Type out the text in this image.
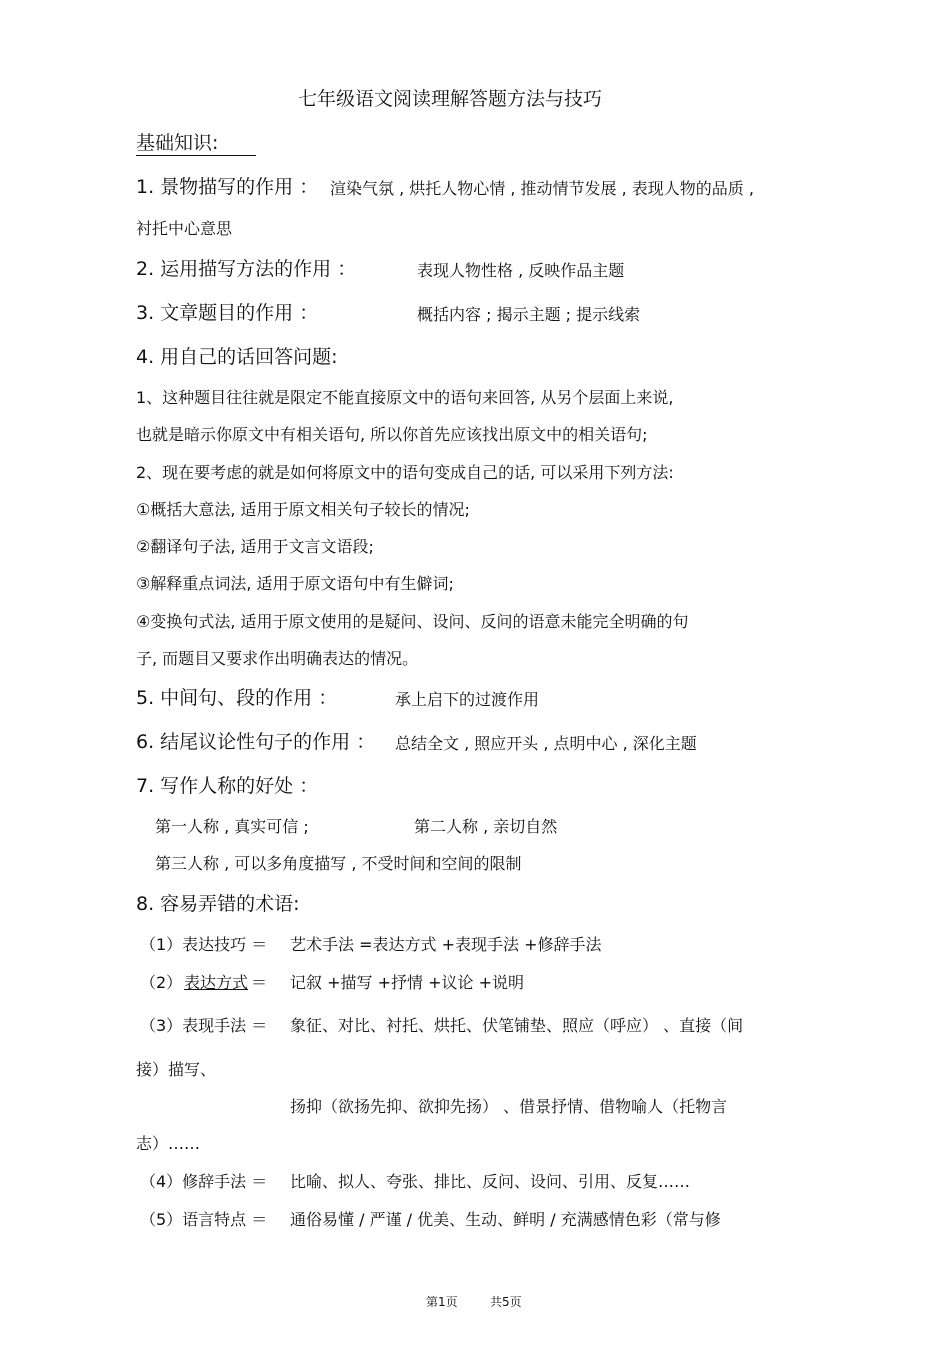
七年级语文阅读理解答题方法与技巧
基础知识:
1. 景物描写的作用 ： 渲染气氛 , 烘托人物心情 , 推动情节发展 , 表现人物的品质 ,
衬托中心意思
2. 运用描写方法的作用 ：	表现人物性格 , 反映作品主题
3. 文章题目的作用 ：	概括内容 ; 揭示主题 ; 提示线索
4. 用自己的话回答问题:
1、这种题目往往就是限定不能直接原文中的语句来回答, 从另个层面上来说,
也就是暗示你原文中有相关语句, 所以你首先应该找出原文中的相关语句;
2、现在要考虑的就是如何将原文中的语句变成自己的话, 可以采用下列方法:
①概括大意法, 适用于原文相关句子较长的情况;
②翻译句子法, 适用于文言文语段;
③解释重点词法, 适用于原文语句中有生僻词;
④变换句式法, 适用于原文使用的是疑问、设问、反问的语意未能完全明确的句
子, 而题目又要求作出明确表达的情况。
5. 中间句、段的作用 ：	承上启下的过渡作用
6. 结尾议论性句子的作用 ： 总结全文 , 照应开头 , 点明中心 , 深化主题
7. 写作人称的好处 ：
第一人称 , 真实可信 ;	第二人称 , 亲切自然
第三人称 , 可以多角度描写 , 不受时间和空间的限制
8. 容易弄错的术语:
（1）表达技巧 ＝ 艺术手法 =表达方式 +表现手法 +修辞手法
（2） 表达方式 ＝ 记叙 +描写 +抒情 +议论 +说明
（3）表现手法 ＝ 象征、对比、衬托、烘托、伏笔铺垫、照应（呼应） 、直接（间
接）描写、
扬抑（欲扬先抑、欲抑先扬） 、借景抒情、借物喻人（托物言
志）……
（4）修辞手法 ＝ 比喻、拟人、夸张、排比、反问、设问、引用、反复……
（5）语言特点 ＝ 通俗易懂 / 严谨 / 优美、生动、鲜明 / 充满感情色彩（常与修
第1页	共5页
